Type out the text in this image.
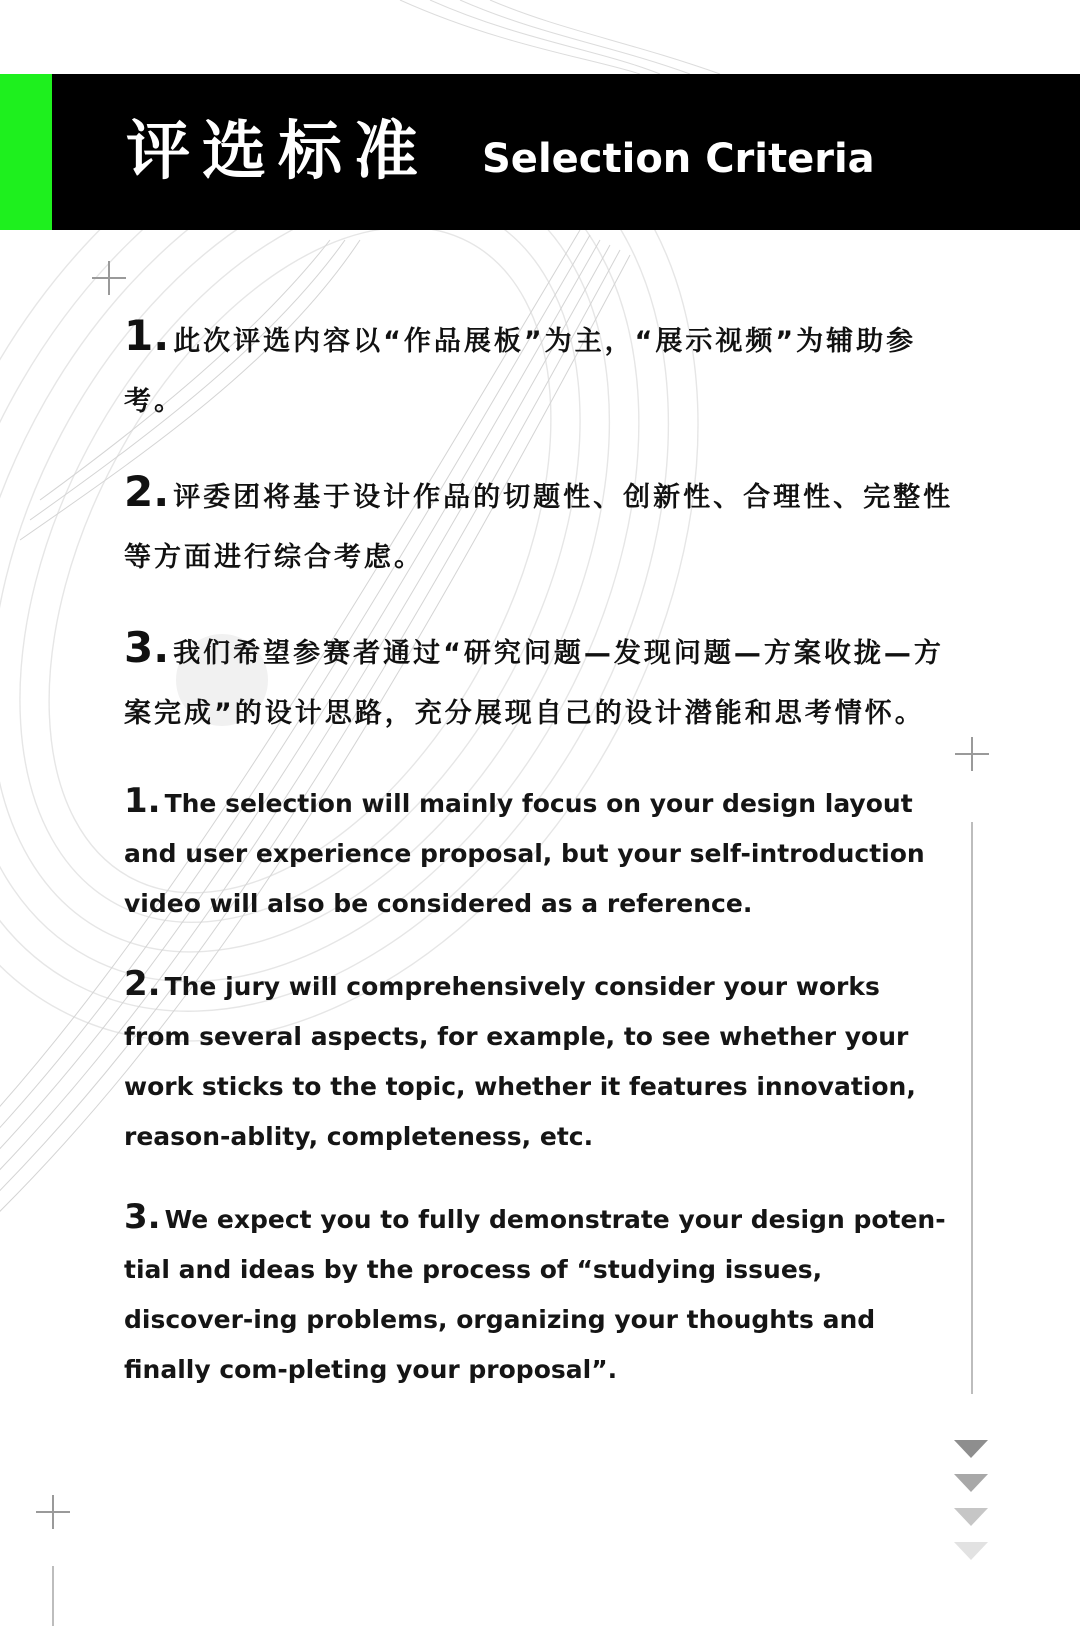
评选标准 Selection Criteria
1. 此次评选内容以“作品展板”为主，“展示视频”为辅助参考。
2. 评委团将基于设计作品的切题性、创新性、合理性、完整性等方面进行综合考虑。
3. 我们希望参赛者通过“研究问题—发现问题—方案收拢—方案完成”的设计思路，充分展现自己的设计潜能和思考情怀。
1. The selection will mainly focus on your design layout and user experience proposal, but your self-introduction video will also be considered as a reference.
2. The jury will comprehensively consider your works from several aspects, for example, to see whether your work sticks to the topic, whether it features innovation, reason-ablity, completeness, etc.
3. We expect you to fully demonstrate your design poten-tial and ideas by the process of “studying issues, discover-ing problems, organizing your thoughts and finally com-pleting your proposal”.
